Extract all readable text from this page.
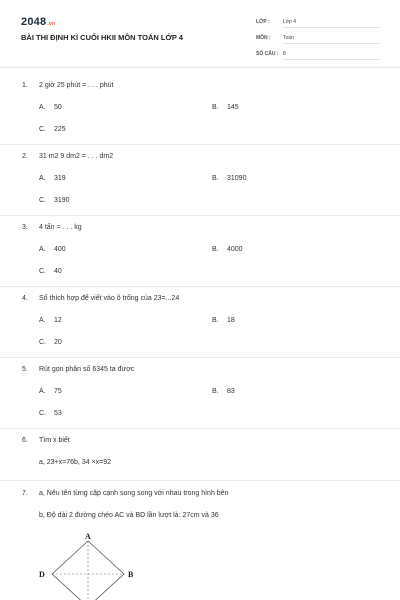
2048.vn
BÀI THI ĐỊNH KÌ CUỐI HKII MÔN TOÁN LỚP 4
LỚP :	Lớp 4
MÔN : Toán
SỐ CÂU : 8
1. 2 giờ 25 phút = . . . phút
A. 50	B. 145
C. 225
2. 31 m2 9 dm2 = . . . dm2
A. 319	B. 31090
C. 3190
3. 4 tấn = . . . kg
A. 400	B. 4000
C. 40
4. Số thích hợp để viết vào ô trống của 23=...24
A. 12	B. 18
C. 20
5. Rút gọn phân số 6345 ta được
A. 75	B. 83
C. 53
6. Tìm x biết
a, 23+x=76b, 34 ×x=92
7. a, Nêu tên từng cặp cạnh song song với nhau trong hình bên
b, Độ dài 2 đường chéo AC và BD lần lượt là: 27cm và 36
A
B
D
